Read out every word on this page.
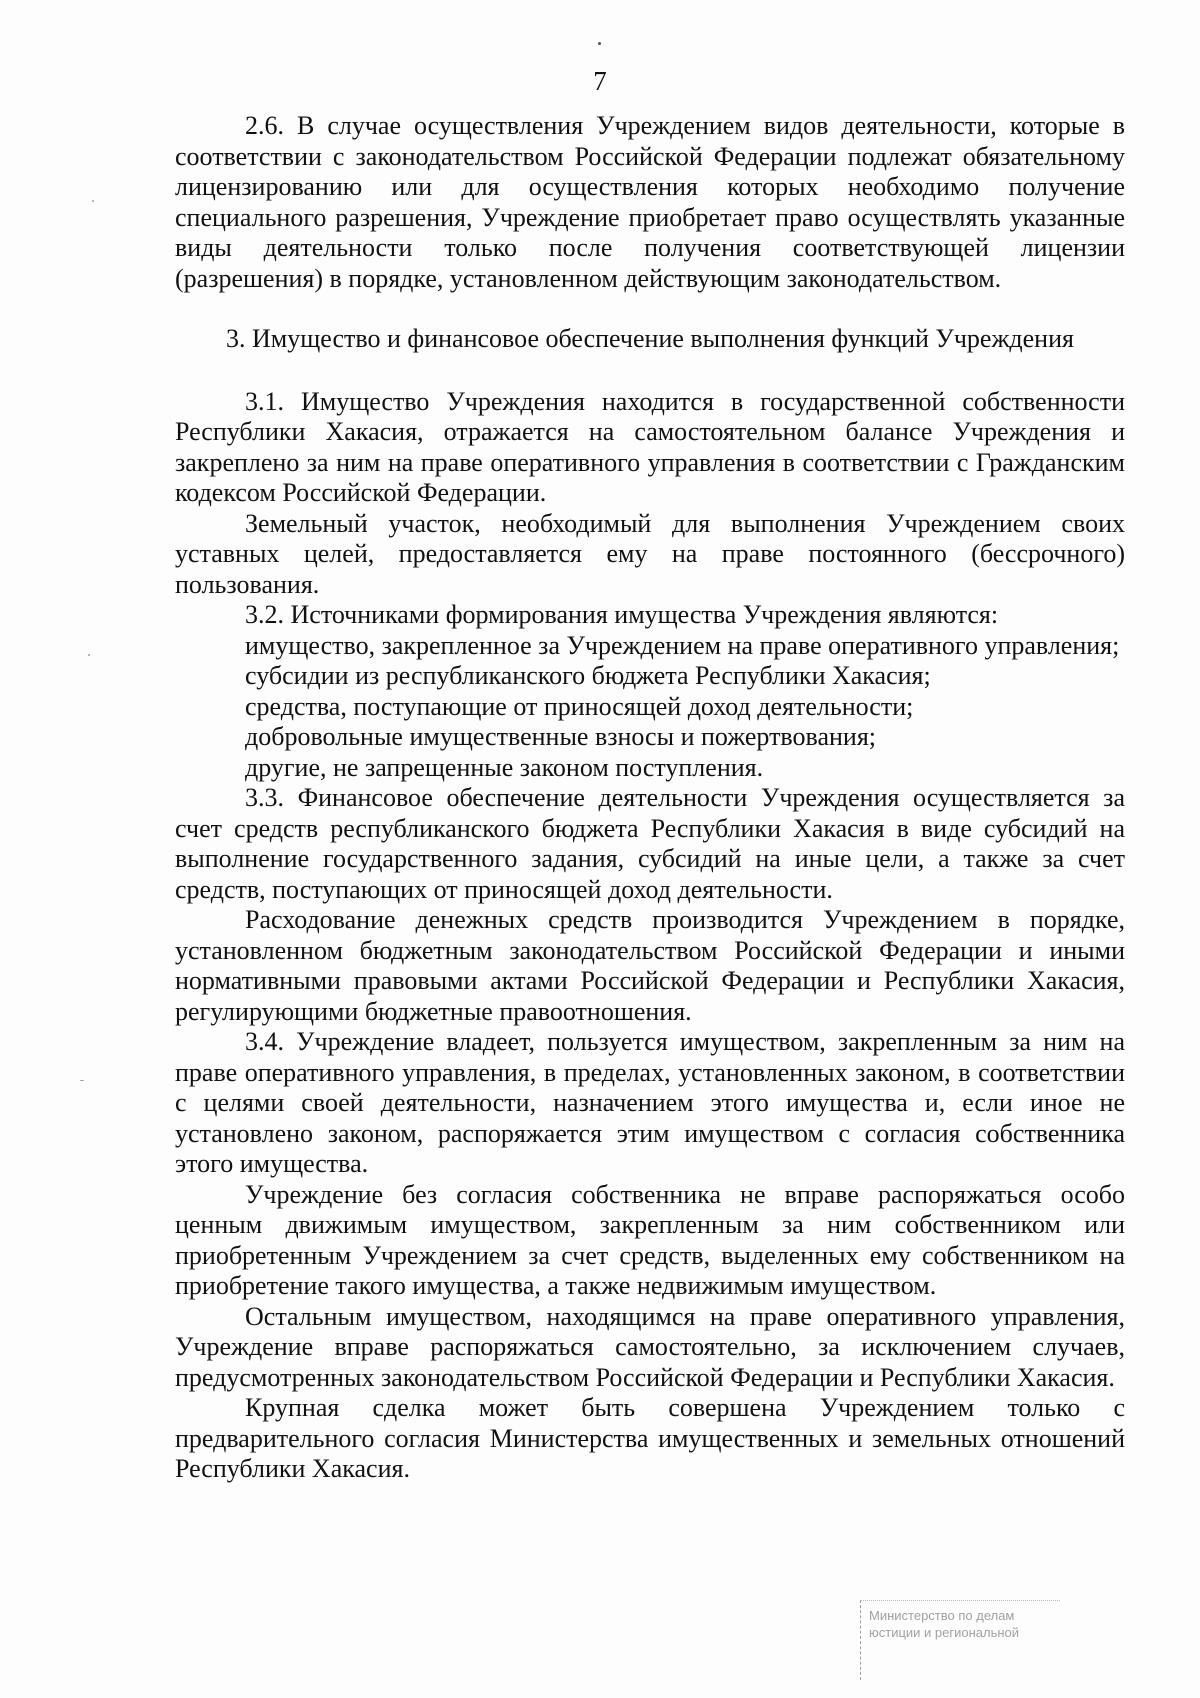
7

2.6. В случае осуществления Учреждением видов деятельности, которые в соответствии с законодательством Российской Федерации подлежат обязательному лицензированию или для осуществления которых необходимо получение специального разрешения, Учреждение приобретает право осуществлять указанные виды деятельности только после получения соответствующей лицензии (разрешения) в порядке, установленном действующим законодательством.

3. Имущество и финансовое обеспечение выполнения функций Учреждения

3.1. Имущество Учреждения находится в государственной собственности Республики Хакасия, отражается на самостоятельном балансе Учреждения и закреплено за ним на праве оперативного управления в соответствии с Гражданским кодексом Российской Федерации.

Земельный участок, необходимый для выполнения Учреждением своих уставных целей, предоставляется ему на праве постоянного (бессрочного) пользования.

3.2. Источниками формирования имущества Учреждения являются:

имущество, закрепленное за Учреждением на праве оперативного управления;

субсидии из республиканского бюджета Республики Хакасия;

средства, поступающие от приносящей доход деятельности;

добровольные имущественные взносы и пожертвования;

другие, не запрещенные законом поступления.

3.3. Финансовое обеспечение деятельности Учреждения осуществляется за счет средств республиканского бюджета Республики Хакасия в виде субсидий на выполнение государственного задания, субсидий на иные цели, а также за счет средств, поступающих от приносящей доход деятельности.

Расходование денежных средств производится Учреждением в порядке, установленном бюджетным законодательством Российской Федерации и иными нормативными правовыми актами Российской Федерации и Республики Хакасия, регулирующими бюджетные правоотношения.

3.4. Учреждение владеет, пользуется имуществом, закрепленным за ним на праве оперативного управления, в пределах, установленных законом, в соответствии с целями своей деятельности, назначением этого имущества и, если иное не установлено законом, распоряжается этим имуществом с согласия собственника этого имущества.

Учреждение без согласия собственника не вправе распоряжаться особо ценным движимым имуществом, закрепленным за ним собственником или приобретенным Учреждением за счет средств, выделенных ему собственником на приобретение такого имущества, а также недвижимым имуществом.

Остальным имуществом, находящимся на праве оперативного управления, Учреждение вправе распоряжаться самостоятельно, за исключением случаев, предусмотренных законодательством Российской Федерации и Республики Хакасия.

Крупная сделка может быть совершена Учреждением только с предварительного согласия Министерства имущественных и земельных отношений Республики Хакасия.

Министерство по делам
юстиции и региональной
